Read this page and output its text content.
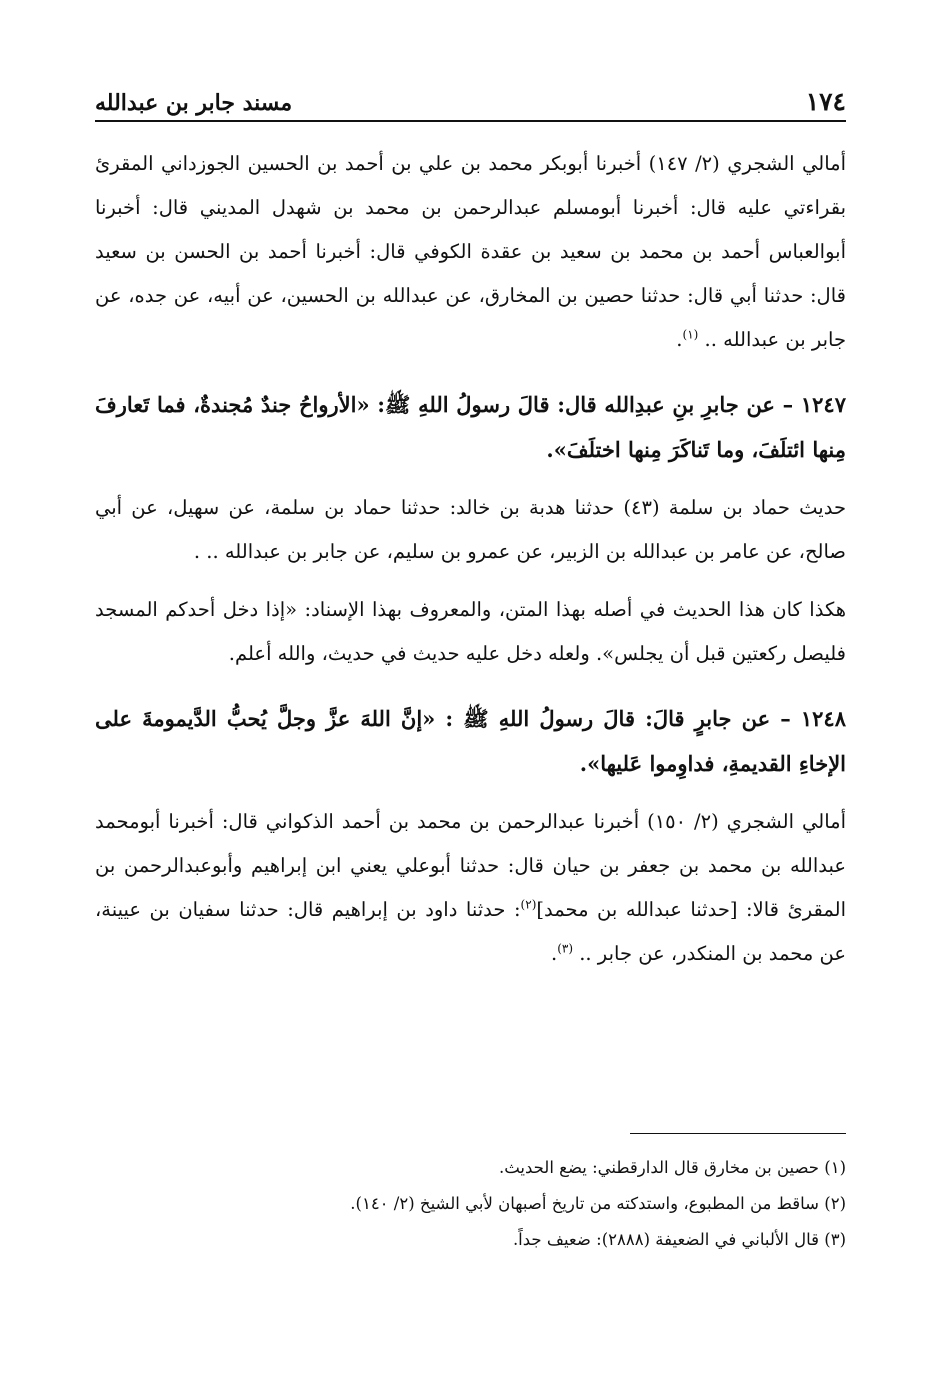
١٧٤
مسند جابر بن عبدالله

أمالي الشجري (٢/ ١٤٧) أخبرنا أبوبكر محمد بن علي بن أحمد بن الحسين الجوزداني المقرئ بقراءتي عليه قال: أخبرنا أبومسلم عبدالرحمن بن محمد بن شهدل المديني قال: أخبرنا أبوالعباس أحمد بن محمد بن سعيد بن عقدة الكوفي قال: أخبرنا أحمد بن الحسن بن سعيد قال: حدثنا أبي قال: حدثنا حصين بن المخارق، عن عبدالله بن الحسين، عن أبيه، عن جده، عن جابر بن عبدالله .. $^{(١)}$.

١٢٤٧ – عن جابرِ بنِ عبدِالله قال: قالَ رسولُ اللهِ ﷺ: «الأرواحُ جندٌ مُجندةٌ، فما تَعارفَ مِنها ائتلَفَ، وما تَناكَرَ مِنها اختلَفَ».

حديث حماد بن سلمة (٤٣) حدثنا هدبة بن خالد: حدثنا حماد بن سلمة، عن سهيل، عن أبي صالح، عن عامر بن عبدالله بن الزبير، عن عمرو بن سليم، عن جابر بن عبدالله .. .

هكذا كان هذا الحديث في أصله بهذا المتن، والمعروف بهذا الإسناد: «إذا دخل أحدكم المسجد فليصل ركعتين قبل أن يجلس». ولعله دخل عليه حديث في حديث، والله أعلم.

١٢٤٨ – عن جابرٍ قالَ: قالَ رسولُ اللهِ ﷺ : «إنَّ اللهَ عزَّ وجلَّ يُحبُّ الدَّيمومةَ على الإخاءِ القديمةِ، فداوِموا عَليها».

أمالي الشجري (٢/ ١٥٠) أخبرنا عبدالرحمن بن محمد بن أحمد الذكواني قال: أخبرنا أبومحمد عبدالله بن محمد بن جعفر بن حيان قال: حدثنا أبوعلي يعني ابن إبراهيم وأبوعبدالرحمن بن المقرئ قالا: [حدثنا عبدالله بن محمد]$^{(٢)}$: حدثنا داود بن إبراهيم قال: حدثنا سفيان بن عيينة، عن محمد بن المنكدر، عن جابر .. $^{(٣)}$.

(١) حصين بن مخارق قال الدارقطني: يضع الحديث.

(٢) ساقط من المطبوع، واستدكته من تاريخ أصبهان لأبي الشيخ (٢/ ١٤٠).

(٣) قال الألباني في الضعيفة (٢٨٨٨): ضعيف جداً.
